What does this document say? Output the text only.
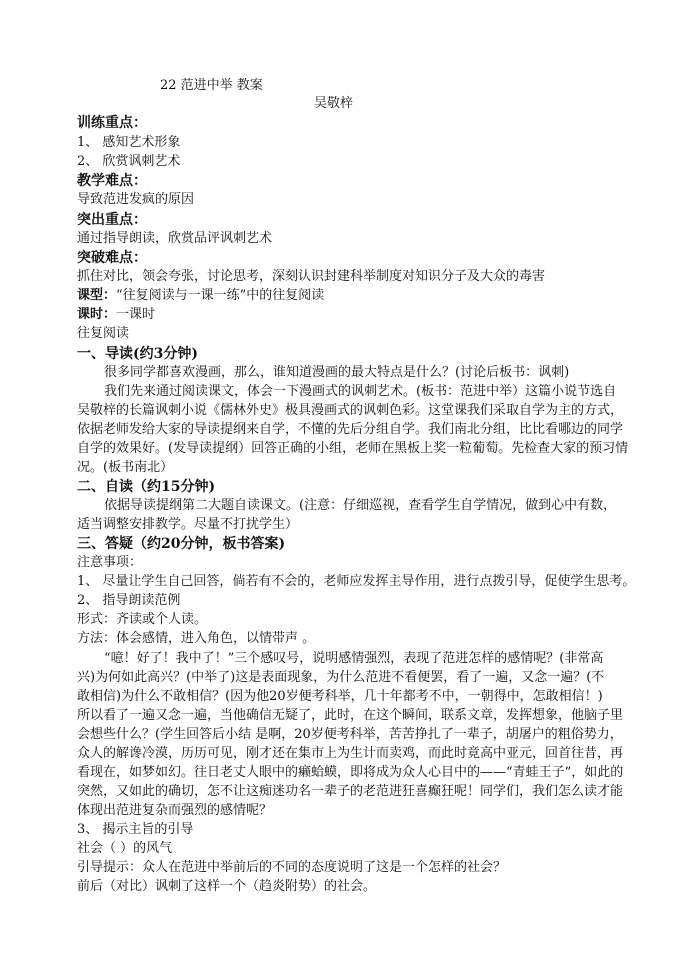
22 范进中举 教案
吴敬梓
训练重点：
1、 感知艺术形象
2、 欣赏讽刺艺术
教学难点：
导致范进发疯的原因
突出重点：
通过指导朗读，欣赏品评讽刺艺术
突破难点：
抓住对比，领会夸张，讨论思考，深刻认识封建科举制度对知识分子及大众的毒害
课型：“往复阅读与一课一练”中的往复阅读
课时：一课时
往复阅读
一、导读(约3分钟)
很多同学都喜欢漫画，那么，谁知道漫画的最大特点是什么？(讨论后板书：讽刺)
我们先来通过阅读课文，体会一下漫画式的讽刺艺术。(板书：范进中举）这篇小说节选自
吴敬梓的长篇讽刺小说《儒林外史》极具漫画式的讽刺色彩。这堂课我们采取自学为主的方式，
依据老师发给大家的导读提纲来自学，不懂的先后分组自学。我们南北分组，比比看哪边的同学
自学的效果好。(发导读提纲）回答正确的小组，老师在黑板上奖一粒葡萄。先检查大家的预习情
况。(板书南北）
二、自读（约15分钟)
依据导读提纲第二大题自读课文。(注意：仔细巡视，查看学生自学情况，做到心中有数，
适当调整安排教学。尽量不打扰学生）
三、答疑（约20分钟，板书答案)
注意事项：
1、 尽量让学生自己回答，倘若有不会的，老师应发挥主导作用，进行点拨引导，促使学生思考。
2、 指导朗读范例
形式：齐读或个人读。
方法：体会感情，进入角色，以情带声 。
“噫！好了！我中了！”三个感叹号，说明感情强烈，表现了范进怎样的感情呢？(非常高
兴)为何如此高兴？(中举了)这是表面现象，为什么范进不看便罢，看了一遍，又念一遍？(不
敢相信)为什么不敢相信？(因为他20岁便考科举，几十年都考不中，一朝得中，怎敢相信！)
所以看了一遍又念一遍，当他确信无疑了，此时，在这个瞬间，联系文章，发挥想象，他脑子里
会想些什么？(学生回答后小结 是啊，20岁便考科举，苦苦挣扎了一辈子，胡屠户的粗俗势力，
众人的解谗冷漠，历历可见，刚才还在集市上为生计而卖鸡，而此时竟高中亚元，回首往昔，再
看现在，如梦如幻。往日老丈人眼中的癞蛤蟆，即将成为众人心目中的——“青蛙王子”，如此的
突然，又如此的确切，怎不让这痴迷功名一辈子的老范进狂喜癫狂呢！同学们，我们怎么读才能
体现出范进复杂而强烈的感情呢？
3、 揭示主旨的引导
社会（ ）的风气
引导提示：众人在范进中举前后的不同的态度说明了这是一个怎样的社会？
前后（对比）讽刺了这样一个（趋炎附势）的社会。
